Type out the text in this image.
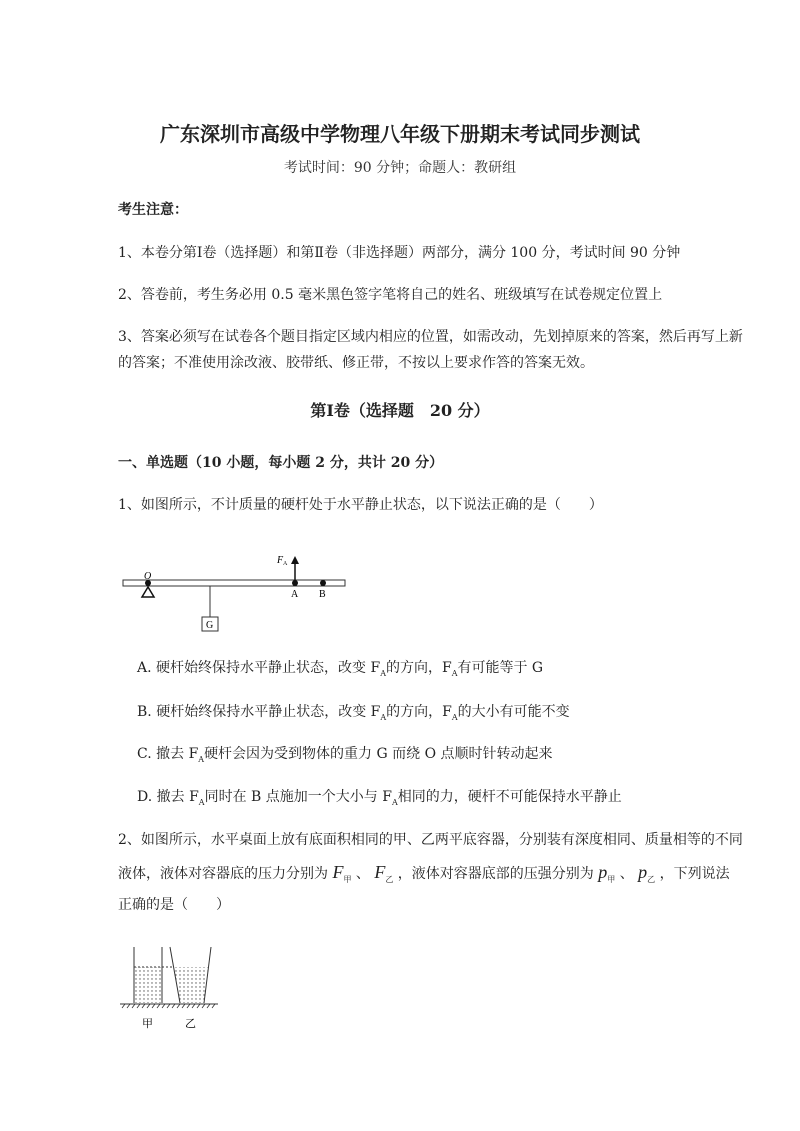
广东深圳市高级中学物理八年级下册期末考试同步测试
考试时间：90 分钟；命题人：教研组
考生注意：
1、本卷分第Ⅰ卷（选择题）和第Ⅱ卷（非选择题）两部分，满分 100 分，考试时间 90 分钟
2、答卷前，考生务必用 0.5 毫米黑色签字笔将自己的姓名、班级填写在试卷规定位置上
3、答案必须写在试卷各个题目指定区域内相应的位置，如需改动，先划掉原来的答案，然后再写上新
的答案；不准使用涂改液、胶带纸、修正带，不按以上要求作答的答案无效。
第Ⅰ卷（选择题　20 分）
一、单选题（10 小题，每小题 2 分，共计 20 分）
1、如图所示，不计质量的硬杆处于水平静止状态，以下说法正确的是（　　）
O
G
F A
A B
A. 硬杆始终保持水平静止状态，改变 $F_A$的方向，$F_A$有可能等于 G
B. 硬杆始终保持水平静止状态，改变 $F_A$的方向，$F_A$的大小有可能不变
C. 撤去 $F_A$硬杆会因为受到物体的重力 G 而绕 O 点顺时针转动起来
D. 撤去 $F_A$同时在 B 点施加一个大小与 $F_A$相同的力，硬杆不可能保持水平静止
2、如图所示，水平桌面上放有底面积相同的甲、乙两平底容器，分别装有深度相同、质量相等的不同
液体，液体对容器底的压力分别为 $F_甲$ 、 $F_乙$ ，液体对容器底部的压强分别为 $p_甲$ 、 $p_乙$ ，下列说法
正确的是（　　）
甲	乙
